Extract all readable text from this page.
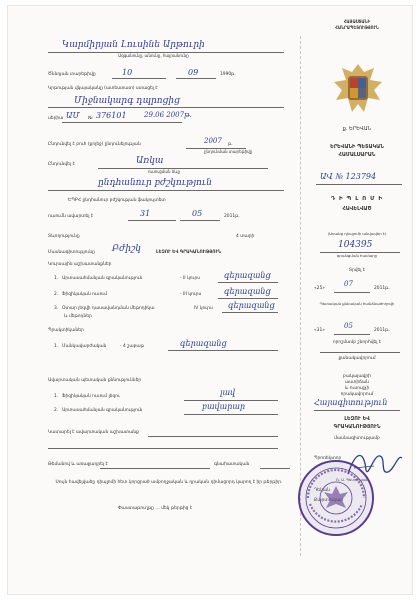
Կարմիրյան Լուսինե Արթուրի
Ազգանունը, անունը, հայրանունը
Ծննդյան տարեթիվը	10	09	1990թ.
Կրթության վկայականը (ատեստատ) ստացել է
Միջնակարգ դպրոցից
սերիա ԱՄ № 376101 29.06 2007թ.
Ընդունվել է բուհ (քոլեջ) ընդունելության	2007 թ.
ընդունման տարեթիվը
Ընդունվել է	Առկա
ուսուցման ձևը
ընդհանուր բժշկություն
ԵՊԲՀ ընդհանուր բժշկության ֆակուլտետ
ուսումն ավարտել է	31	05	2011թ.
Տևողությունը	4 տարի
Մասնագիտությունը Բժիշկ	ԼԵԶՈՒ ԵՎ ԳՐԱԿԱՆՈՒԹՅՈՒՆ
Կուրսային աշխատանքներ
1. Արտասահմանյան գրականություն	- II կուրս	գերազանց
2. Ֆիզիկական ուսում	- III կուրս	գերազանց
3. Օտար լեզվի դասավանդման մեթոդիկա	IV կուրս գերազանց
և մեթոդներ
Պրակտիկաներ
1. Մանկավարժական	- 4 շաբաթ	գերազանց
Ավարտական պետական քննություններ
1. Ֆիզիկական ուսում լեզու	լավ
2. Արտասահմանյան գրականություն	բավարար
Կատարել է ավարտական աշխատանք
Թեմանով և առաջադրել է	գնահատական
Սույն հավելվածը դիպլոմի հետ կորցրած ամբողջական և դրական դիմացորդ կարող է իր թերթիր.
Փաստաթուղթը ․․․ մեկ թերթից է
ՀԱՅԱՍՏԱՆԻ
ՀԱՆՐԱՊԵՏՈՒԹՅՈՒՆ
ք. ԵՐԵՎԱՆ
ԵՐԵՎԱՆԻ ՊԵՏԱԿԱՆ
ՀԱՄԱԼՍԱՐԱՆ
ԱՎ № 123794
Դ Ի Պ Լ Ո Մ Ի
ՀԱՎԵԼՎԱԾ
(Առանց դիպլոմի անվավեր է)
104395
գրանցման համարը
Տրվել է
«25»
07
2011թ.
Պետական քննական հանձնաժողովի
«31»
05
2011թ.
որոշմամբ շնորհվել է
քանակավորում
բակալավրի
աստիճան
և ուսուցչի
որակավորում
Հայագիտություն
ԼԵԶՈՒ ԵՎ
ԳՐԱԿԱՆՈՒԹՅՈՒՆ
մասնագիտությամբ
Պրոռեկտոր
